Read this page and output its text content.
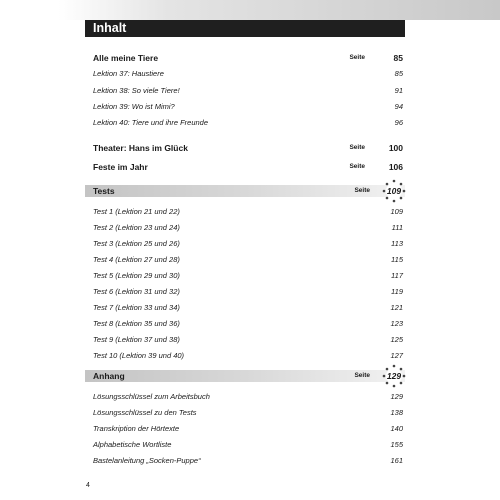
Inhalt
Alle meine Tiere	Seite	85
Lektion 37: Haustiere	85
Lektion 38: So viele Tiere!	91
Lektion 39: Wo ist Mimi?	94
Lektion 40: Tiere und ihre Freunde	96
Theater: Hans im Glück	Seite	100
Feste im Jahr	Seite	106
Tests	Seite	109
Test 1 (Lektion 21 und 22)	109
Test 2 (Lektion 23 und 24)	111
Test 3 (Lektion 25 und 26)	113
Test 4 (Lektion 27 und 28)	115
Test 5 (Lektion 29 und 30)	117
Test 6 (Lektion 31 und 32)	119
Test 7 (Lektion 33 und 34)	121
Test 8 (Lektion 35 und 36)	123
Test 9 (Lektion 37 und 38)	125
Test 10 (Lektion 39 und 40)	127
Anhang	Seite	129
Lösungsschlüssel zum Arbeitsbuch	129
Lösungsschlüssel zu den Tests	138
Transkription der Hörtexte	140
Alphabetische Wortliste	155
Bastelanleitung „Socken-Puppe“	161
4
